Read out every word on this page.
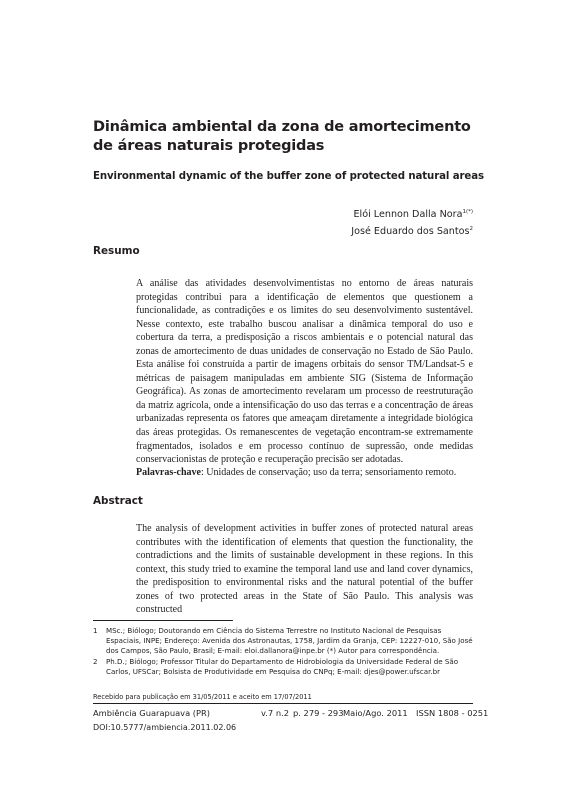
Dinâmica ambiental da zona de amortecimento de áreas naturais protegidas
Environmental dynamic of the buffer zone of protected natural areas
Elói Lennon Dalla Nora$^{1(*)}$
José Eduardo dos Santos$^2$
Resumo
A análise das atividades desenvolvimentistas no entorno de áreas naturais protegidas contribui para a identificação de elementos que questionem a funcionalidade, as contradições e os limites do seu desenvolvimento sustentável. Nesse contexto, este trabalho buscou analisar a dinâmica temporal do uso e cobertura da terra, a predisposição a riscos ambientais e o potencial natural das zonas de amortecimento de duas unidades de conservação no Estado de São Paulo. Esta análise foi construída a partir de imagens orbitais do sensor TM/Landsat-5 e métricas de paisagem manipuladas em ambiente SIG (Sistema de Informação Geográfica). As zonas de amortecimento revelaram um processo de reestruturação da matriz agrícola, onde a intensificação do uso das terras e a concentração de áreas urbanizadas representa os fatores que ameaçam diretamente a integridade biológica das áreas protegidas. Os remanescentes de vegetação encontram-se extremamente fragmentados, isolados e em processo contínuo de supressão, onde medidas conservacionistas de proteção e recuperação precisão ser adotadas.
Palavras-chave: Unidades de conservação; uso da terra; sensoriamento remoto.
Abstract
The analysis of development activities in buffer zones of protected natural areas contributes with the identification of elements that question the functionality, the contradictions and the limits of sustainable development in these regions. In this context, this study tried to examine the temporal land use and land cover dynamics, the predisposition to environmental risks and the natural potential of the buffer zones of two protected areas in the State of São Paulo. This analysis was constructed
1 MSc.; Biólogo; Doutorando em Ciência do Sistema Terrestre no Instituto Nacional de Pesquisas Espaciais, INPE; Endereço: Avenida dos Astronautas, 1758, Jardim da Granja, CEP: 12227-010, São José dos Campos, São Paulo, Brasil; E-mail: eloi.dallanora@inpe.br (*) Autor para correspondência.
2 Ph.D.; Biólogo; Professor Titular do Departamento de Hidrobiologia da Universidade Federal de São Carlos, UFSCar; Bolsista de Produtividade em Pesquisa do CNPq; E-mail: djes@power.ufscar.br
Recebido para publicação em 31/05/2011 e aceito em 17/07/2011
Ambiência Guarapuava (PR)	v.7 n.2 p. 279 - 293 Maio/Ago. 2011 ISSN 1808 - 0251
DOI:10.5777/ambiencia.2011.02.06
